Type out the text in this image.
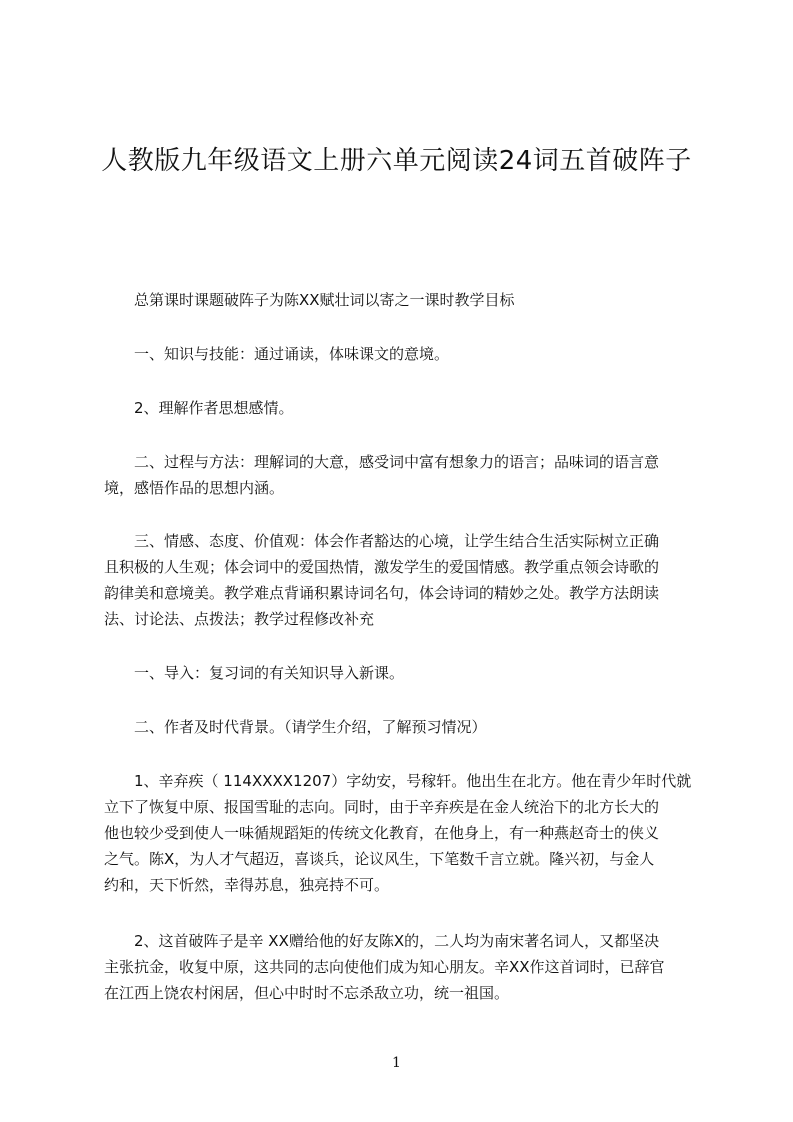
人教版九年级语文上册六单元阅读24词五首破阵子
总第课时课题破阵子为陈XX赋壮词以寄之一课时教学目标
一、知识与技能：通过诵读，体味课文的意境。
2、理解作者思想感情。
二、过程与方法：理解词的大意，感受词中富有想象力的语言；品味词的语言意
境，感悟作品的思想内涵。
三、情感、态度、价值观：体会作者豁达的心境，让学生结合生活实际树立正确
且积极的人生观；体会词中的爱国热情，激发学生的爱国情感。教学重点领会诗歌的
韵律美和意境美。教学难点背诵积累诗词名句，体会诗词的精妙之处。教学方法朗读
法、讨论法、点拨法；教学过程修改补充
一、导入：复习词的有关知识导入新课。
二、作者及时代背景。（请学生介绍，了解预习情况）
1、辛弃疾（ 114XXXX1207）字幼安，号稼轩。他出生在北方。他在青少年时代就
立下了恢复中原、报国雪耻的志向。同时，由于辛弃疾是在金人统治下的北方长大的
他也较少受到使人一味循规蹈矩的传统文化教育，在他身上，有一种燕赵奇士的侠义
之气。陈X，为人才气超迈，喜谈兵，论议风生，下笔数千言立就。隆兴初，与金人
约和，天下忻然，幸得苏息，独亮持不可。
2、这首破阵子是辛 XX赠给他的好友陈X的，二人均为南宋著名词人，又都坚决
主张抗金，收复中原，这共同的志向使他们成为知心朋友。辛XX作这首词时，已辞官
在江西上饶农村闲居，但心中时时不忘杀敌立功，统一祖国。
1
